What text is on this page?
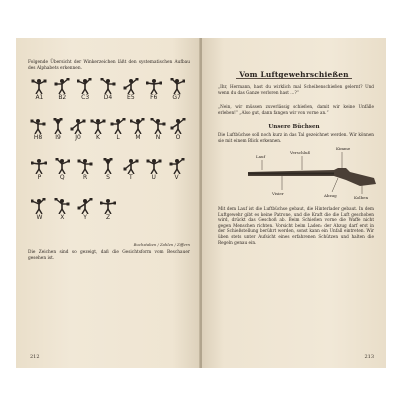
Folgende Übersicht der Winkerzeichen läßt den systematischen Aufbau des Alphabets erkennen.
A1	B2	C3	D4	E5	F6	G7
H8	I9	J0	K	L	M	N	O
P	Q	R	S	T	U	V
W	X	Y	Z
Buchstaben / Zahlen / Ziffern
Die Zeichen sind so gezeigt, daß die Gesichtsform vom Beschauer gesehen ist.
212
Vom Luftgewehrschießen
„Ihr, Hermann, hast du wirklich mal Scheibenschießen gelernt? Und wenn du das Ganze verloren hast …?“
„Nein, wir müssen zuverlässig schießen, damit wir keine Unfälle erleben!“ „Also gut, dann fangen wir von vorne an.“
Unsere Büchsen
Die Luftbüchse soll noch kurz in das Tal gezeichnet werden. Wir können sie mit einem Blick erkennen.
Lauf
Verschluß
Kimme
Kolben
Visier	Abzug
Mit dem Lauf ist die Luftbüchse gebaut, die Hinterlader gebaut. In dem Luftgewehr gibt es keine Patrone, und die Kraft die die Luft geschoben wird, drückt das Geschoß ab. Beim Schießen vorne die Waffe nicht gegen Menschen richten. Vorsicht beim Laden: der Abzug darf erst in der Schießstellung berührt werden, sonst kann ein Unfall eintreten. Wir üben stets unter Aufsicht eines erfahrenen Schützen und halten die Regeln genau ein.
213
